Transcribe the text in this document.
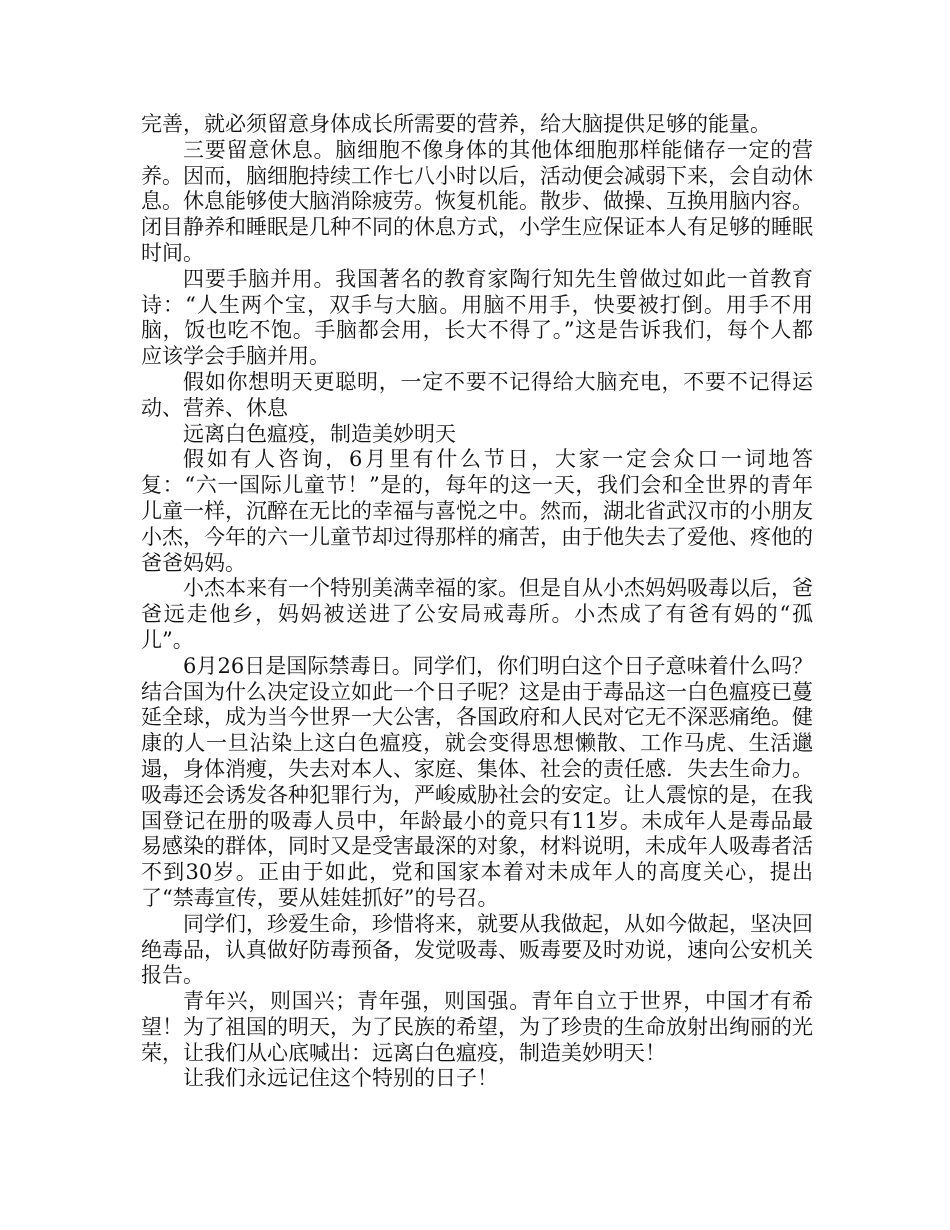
完善，就必须留意身体成长所需要的营养，给大脑提供足够的能量。

三要留意休息。脑细胞不像身体的其他体细胞那样能储存一定的营养。因而，脑细胞持续工作七八小时以后，活动便会减弱下来，会自动休息。休息能够使大脑消除疲劳。恢复机能。散步、做操、互换用脑内容。闭目静养和睡眠是几种不同的休息方式，小学生应保证本人有足够的睡眠时间。

四要手脑并用。我国著名的教育家陶行知先生曾做过如此一首教育诗：“人生两个宝，双手与大脑。用脑不用手，快要被打倒。用手不用脑，饭也吃不饱。手脑都会用，长大不得了。”这是告诉我们，每个人都应该学会手脑并用。

假如你想明天更聪明，一定不要不记得给大脑充电，不要不记得运动、营养、休息

远离白色瘟疫，制造美妙明天

假如有人咨询，6月里有什么节日，大家一定会众口一词地答复：“六一国际儿童节！”是的，每年的这一天，我们会和全世界的青年儿童一样，沉醉在无比的幸福与喜悦之中。然而，湖北省武汉市的小朋友小杰，今年的六一儿童节却过得那样的痛苦，由于他失去了爱他、疼他的爸爸妈妈。

小杰本来有一个特别美满幸福的家。但是自从小杰妈妈吸毒以后，爸爸远走他乡，妈妈被送进了公安局戒毒所。小杰成了有爸有妈的“孤儿”。

6月26日是国际禁毒日。同学们，你们明白这个日子意味着什么吗？结合国为什么决定设立如此一个日子呢？这是由于毒品这一白色瘟疫已蔓延全球，成为当今世界一大公害，各国政府和人民对它无不深恶痛绝。健康的人一旦沾染上这白色瘟疫，就会变得思想懒散、工作马虎、生活邋遢，身体消瘦，失去对本人、家庭、集体、社会的责任感．失去生命力。吸毒还会诱发各种犯罪行为，严峻威胁社会的安定。让人震惊的是，在我国登记在册的吸毒人员中，年龄最小的竟只有11岁。未成年人是毒品最易感染的群体，同时又是受害最深的对象，材料说明，未成年人吸毒者活不到30岁。正由于如此，党和国家本着对未成年人的高度关心，提出了“禁毒宣传，要从娃娃抓好”的号召。

同学们，珍爱生命，珍惜将来，就要从我做起，从如今做起，坚决回绝毒品，认真做好防毒预备，发觉吸毒、贩毒要及时劝说，速向公安机关报告。

青年兴，则国兴；青年强，则国强。青年自立于世界，中国才有希望！为了祖国的明天，为了民族的希望，为了珍贵的生命放射出绚丽的光荣，让我们从心底喊出：远离白色瘟疫，制造美妙明天！

让我们永远记住这个特别的日子！
